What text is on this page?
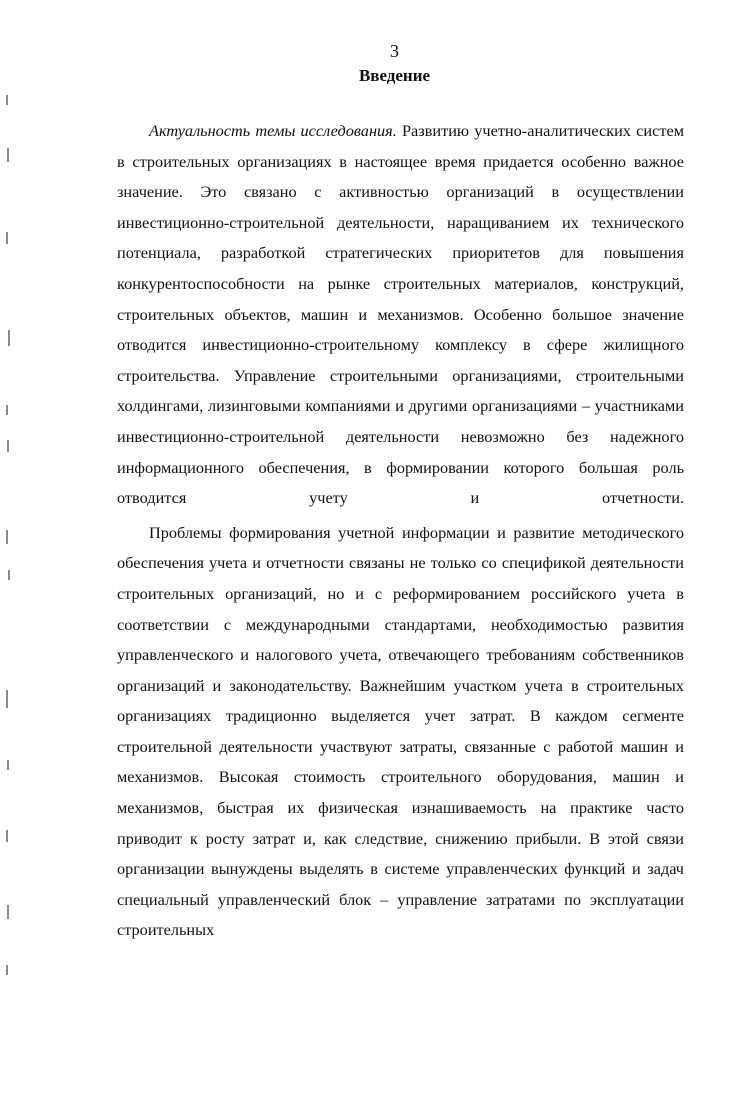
3
Введение

Актуальность темы исследования. Развитию учетно-аналитических систем в строительных организациях в настоящее время придается особенно важное значение. Это связано с активностью организаций в осуществлении инвестиционно-строительной деятельности, наращиванием их технического потенциала, разработкой стратегических приоритетов для повышения конкурентоспособности на рынке строительных материалов, конструкций, строительных объектов, машин и механизмов. Особенно большое значение отводится инвестиционно-строительному комплексу в сфере жилищного строительства. Управление строительными организациями, строительными холдингами, лизинговыми компаниями и другими организациями – участниками инвестиционно-строительной деятельности невозможно без надежного информационного обеспечения, в формировании которого большая роль отводится учету и отчетности.

Проблемы формирования учетной информации и развитие методического обеспечения учета и отчетности связаны не только со спецификой деятельности строительных организаций, но и с реформированием российского учета в соответствии с международными стандартами, необходимостью развития управленческого и налогового учета, отвечающего требованиям собственников организаций и законодательству. Важнейшим участком учета в строительных организациях традиционно выделяется учет затрат. В каждом сегменте строительной деятельности участвуют затраты, связанные с работой машин и механизмов. Высокая стоимость строительного оборудования, машин и механизмов, быстрая их физическая изнашиваемость на практике часто приводит к росту затрат и, как следствие, снижению прибыли. В этой связи организации вынуждены выделять в системе управленческих функций и задач специальный управленческий блок – управление затратами по эксплуатации строительных
